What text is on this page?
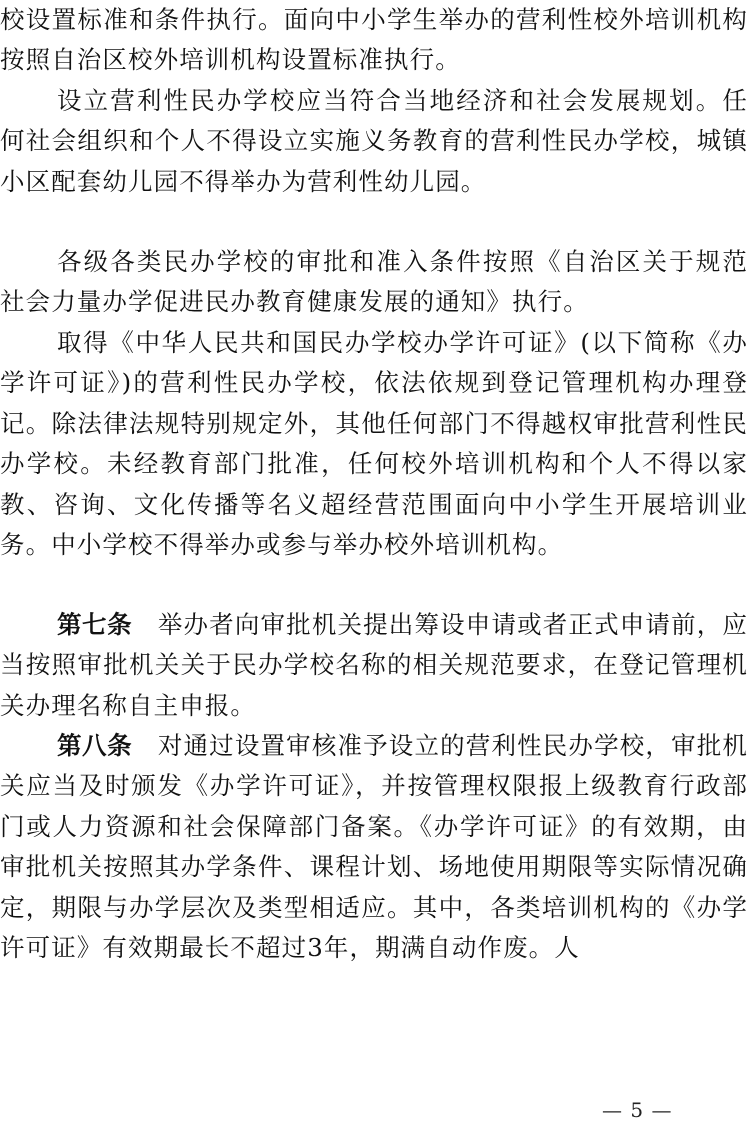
校设置标准和条件执行。面向中小学生举办的营利性校外培训机构按照自治区校外培训机构设置标准执行。

设立营利性民办学校应当符合当地经济和社会发展规划。任何社会组织和个人不得设立实施义务教育的营利性民办学校，城镇小区配套幼儿园不得举办为营利性幼儿园。

各级各类民办学校的审批和准入条件按照《自治区关于规范社会力量办学促进民办教育健康发展的通知》执行。

取得《中华人民共和国民办学校办学许可证》(以下简称《办学许可证》)的营利性民办学校，依法依规到登记管理机构办理登记。除法律法规特别规定外，其他任何部门不得越权审批营利性民办学校。未经教育部门批准，任何校外培训机构和个人不得以家教、咨询、文化传播等名义超经营范围面向中小学生开展培训业务。中小学校不得举办或参与举办校外培训机构。

第七条　举办者向审批机关提出筹设申请或者正式申请前，应当按照审批机关关于民办学校名称的相关规范要求，在登记管理机关办理名称自主申报。

第八条　对通过设置审核准予设立的营利性民办学校，审批机关应当及时颁发《办学许可证》，并按管理权限报上级教育行政部门或人力资源和社会保障部门备案。《办学许可证》的有效期，由审批机关按照其办学条件、课程计划、场地使用期限等实际情况确定，期限与办学层次及类型相适应。其中，各类培训机构的《办学许可证》有效期最长不超过3年，期满自动作废。人

— 5 —
